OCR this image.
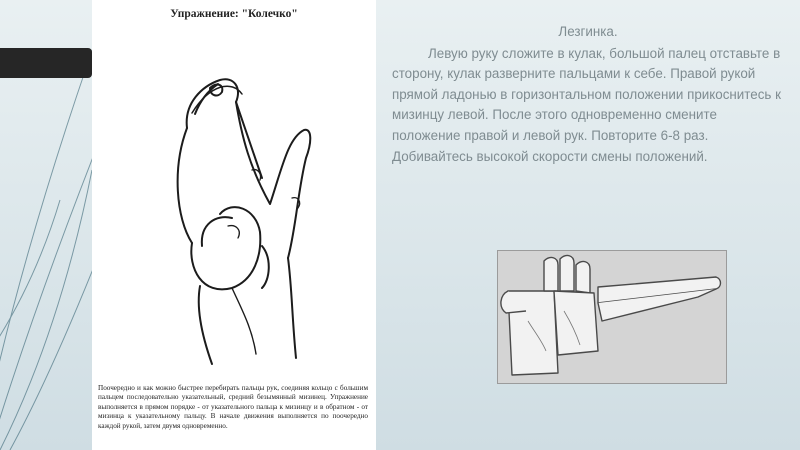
Упражнение: "Колечко"
Поочередно и как можно быстрее перебирать пальцы рук, соединяя кольцо с большим пальцем последовательно указательный, средний безымянный мизинец. Упражнение выполняется в прямом порядке - от указательного пальца к мизинцу и в обратном - от мизинца к указательному пальцу. В начале движения выполняется по поочередно каждой рукой, затем двумя одновременно.
Лезгинка.
Левую руку сложите в кулак, большой палец отставьте в сторону, кулак разверните пальцами к себе. Правой рукой прямой ладонью в горизонтальном положении прикоснитесь к мизинцу левой. После этого одновременно смените положение правой и левой рук. Повторите 6-8 раз. Добивайтесь высокой скорости смены положений.
